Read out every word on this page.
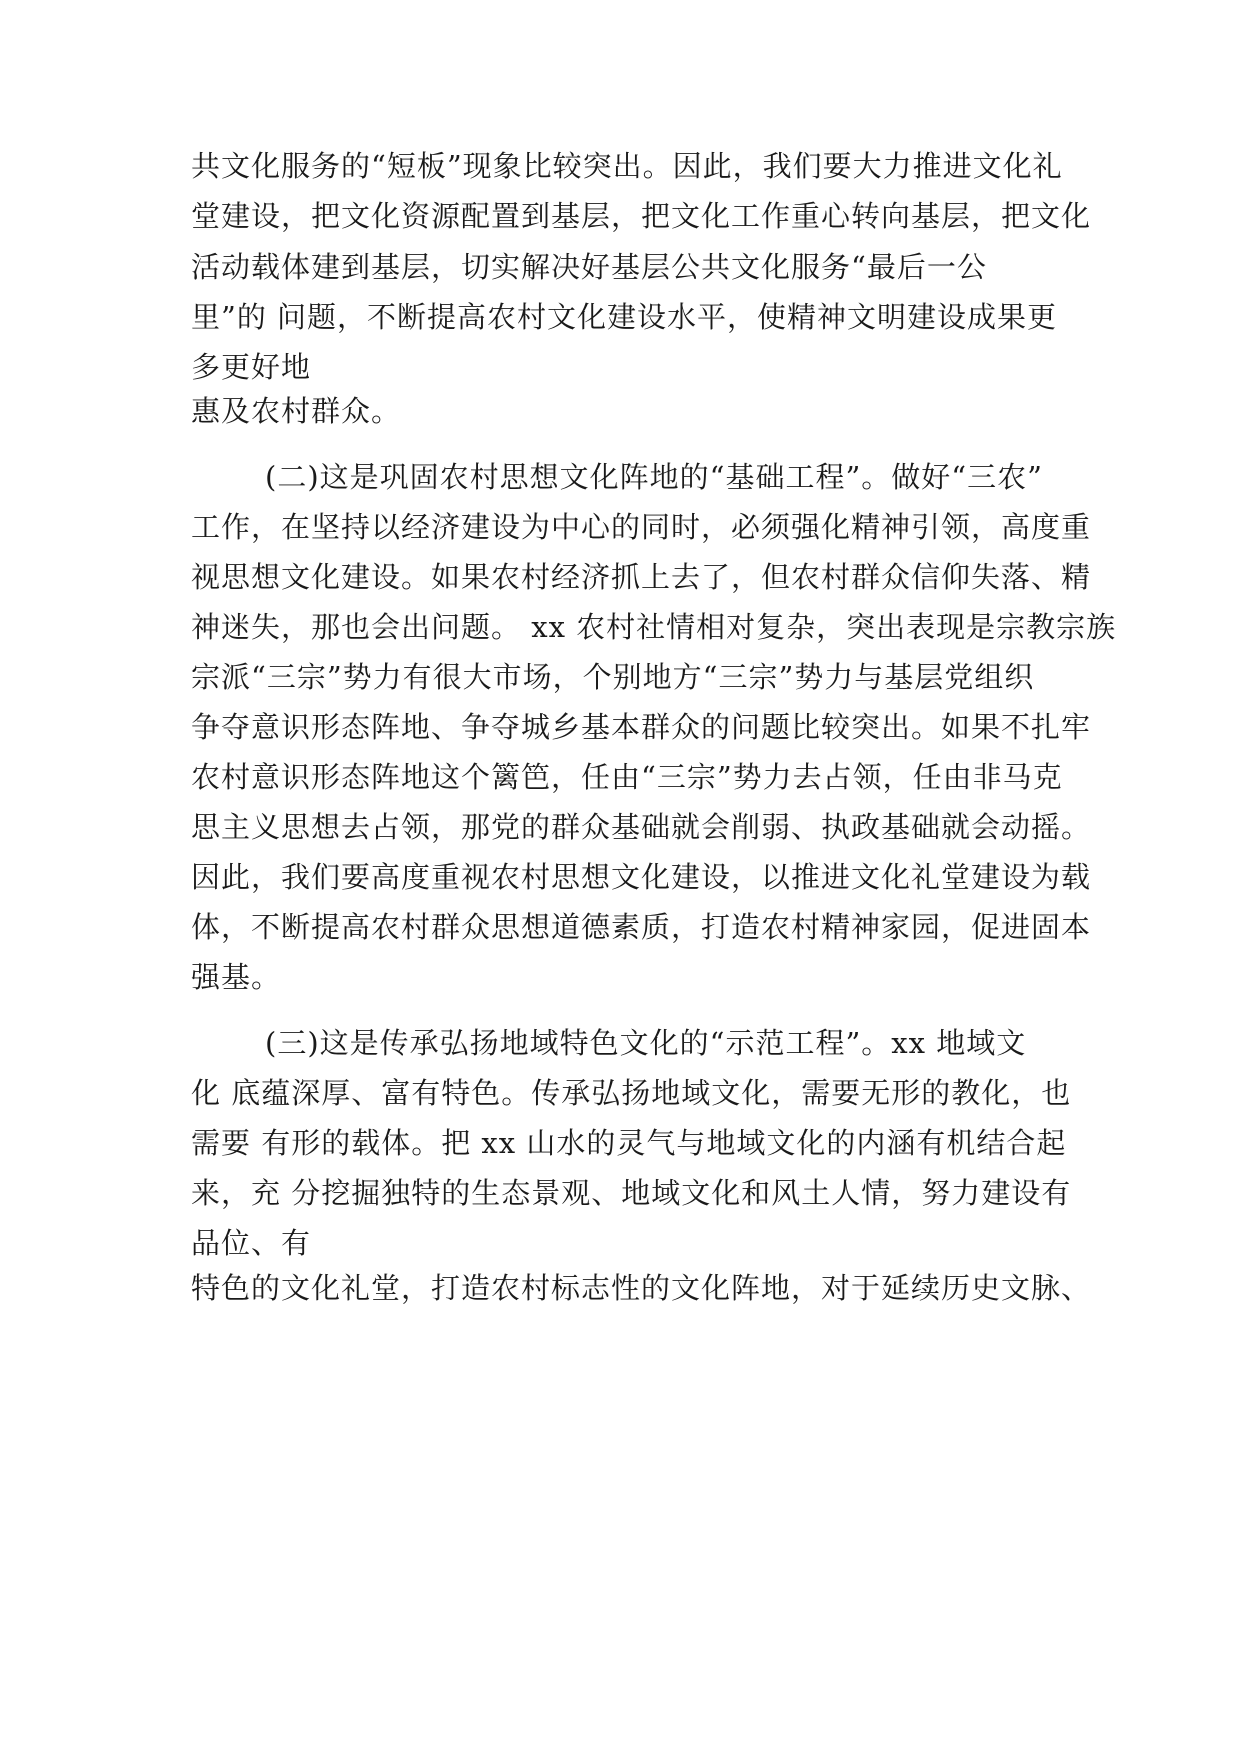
共文化服务的“短板”现象比较突出。因此，我们要大力推进文化礼
堂建设，把文化资源配置到基层，把文化工作重心转向基层，把文化
活动载体建到基层，切实解决好基层公共文化服务“最后一公
里”的 问题，不断提高农村文化建设水平，使精神文明建设成果更
多更好地
惠及农村群众。
(二)这是巩固农村思想文化阵地的“基础工程”。做好“三农”
工作，在坚持以经济建设为中心的同时，必须强化精神引领，高度重
视思想文化建设。如果农村经济抓上去了，但农村群众信仰失落、精
神迷失，那也会出问题。 xx 农村社情相对复杂，突出表现是宗教宗族
宗派“三宗”势力有很大市场，个别地方“三宗”势力与基层党组织
争夺意识形态阵地、争夺城乡基本群众的问题比较突出。如果不扎牢
农村意识形态阵地这个篱笆，任由“三宗”势力去占领，任由非马克
思主义思想去占领，那党的群众基础就会削弱、执政基础就会动摇。
因此，我们要高度重视农村思想文化建设，以推进文化礼堂建设为载
体，不断提高农村群众思想道德素质，打造农村精神家园，促进固本
强基。
(三)这是传承弘扬地域特色文化的“示范工程”。xx 地域文
化 底蕴深厚、富有特色。传承弘扬地域文化，需要无形的教化，也
需要 有形的载体。把 xx 山水的灵气与地域文化的内涵有机结合起
来，充 分挖掘独特的生态景观、地域文化和风土人情，努力建设有
品位、有
特色的文化礼堂，打造农村标志性的文化阵地，对于延续历史文脉、
